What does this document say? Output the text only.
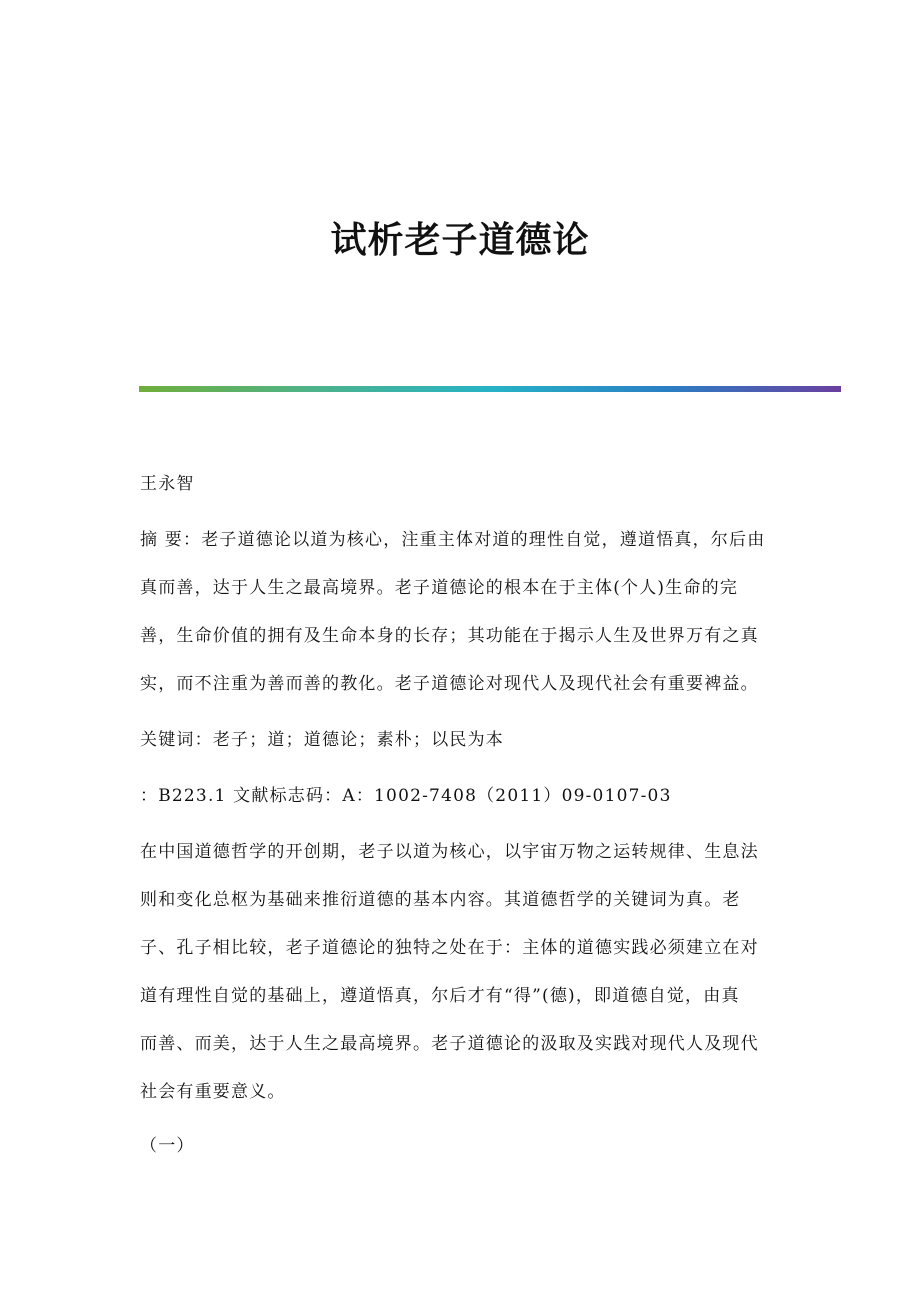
试析老子道德论
王永智
摘 要：老子道德论以道为核心，注重主体对道的理性自觉，遵道悟真，尔后由
真而善，达于人生之最高境界。老子道德论的根本在于主体(个人)生命的完
善，生命价值的拥有及生命本身的长存；其功能在于揭示人生及世界万有之真
实，而不注重为善而善的教化。老子道德论对现代人及现代社会有重要裨益。
关键词：老子；道；道德论；素朴；以民为本
：B223.1 文献标志码：A：1002-7408（2011）09-0107-03
在中国道德哲学的开创期，老子以道为核心，以宇宙万物之运转规律、生息法
则和变化总枢为基础来推衍道德的基本内容。其道德哲学的关键词为真。老
子、孔子相比较，老子道德论的独特之处在于：主体的道德实践必须建立在对
道有理性自觉的基础上，遵道悟真，尔后才有“得”(德)，即道德自觉，由真
而善、而美，达于人生之最高境界。老子道德论的汲取及实践对现代人及现代
社会有重要意义。
（一）
